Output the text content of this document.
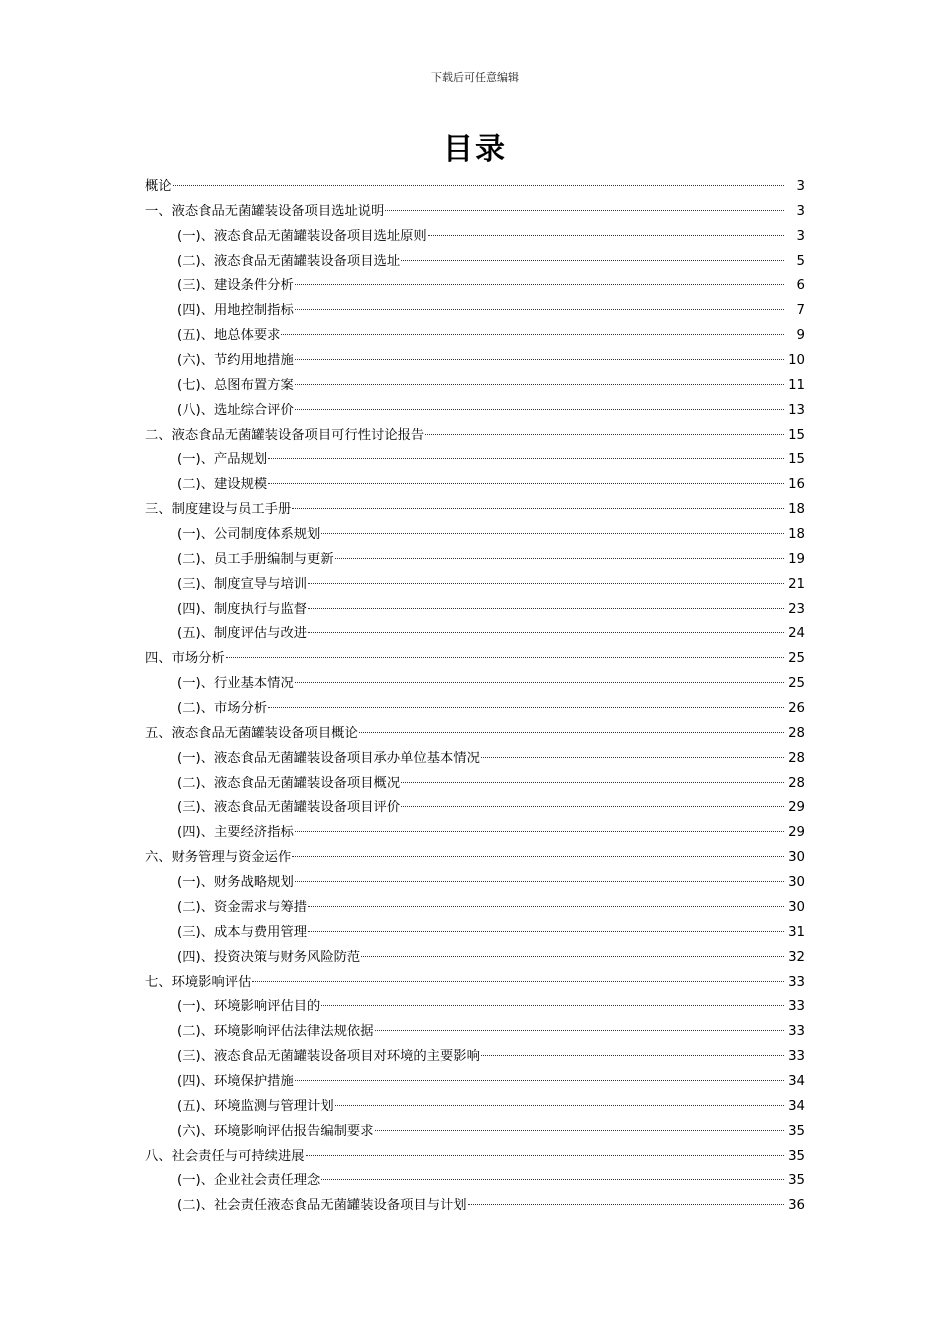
下载后可任意编辑
目录
概论	3
一、液态食品无菌罐装设备项目选址说明	3
(一)、液态食品无菌罐装设备项目选址原则	3
(二)、液态食品无菌罐装设备项目选址	5
(三)、建设条件分析	6
(四)、用地控制指标	7
(五)、地总体要求	9
(六)、节约用地措施	10
(七)、总图布置方案	11
(八)、选址综合评价	13
二、液态食品无菌罐装设备项目可行性讨论报告	15
(一)、产品规划	15
(二)、建设规模	16
三、制度建设与员工手册	18
(一)、公司制度体系规划	18
(二)、员工手册编制与更新	19
(三)、制度宣导与培训	21
(四)、制度执行与监督	23
(五)、制度评估与改进	24
四、市场分析	25
(一)、行业基本情况	25
(二)、市场分析	26
五、液态食品无菌罐装设备项目概论	28
(一)、液态食品无菌罐装设备项目承办单位基本情况	28
(二)、液态食品无菌罐装设备项目概况	28
(三)、液态食品无菌罐装设备项目评价	29
(四)、主要经济指标	29
六、财务管理与资金运作	30
(一)、财务战略规划	30
(二)、资金需求与筹措	30
(三)、成本与费用管理	31
(四)、投资决策与财务风险防范	32
七、环境影响评估	33
(一)、环境影响评估目的	33
(二)、环境影响评估法律法规依据	33
(三)、液态食品无菌罐装设备项目对环境的主要影响	33
(四)、环境保护措施	34
(五)、环境监测与管理计划	34
(六)、环境影响评估报告编制要求	35
八、社会责任与可持续进展	35
(一)、企业社会责任理念	35
(二)、社会责任液态食品无菌罐装设备项目与计划	36
